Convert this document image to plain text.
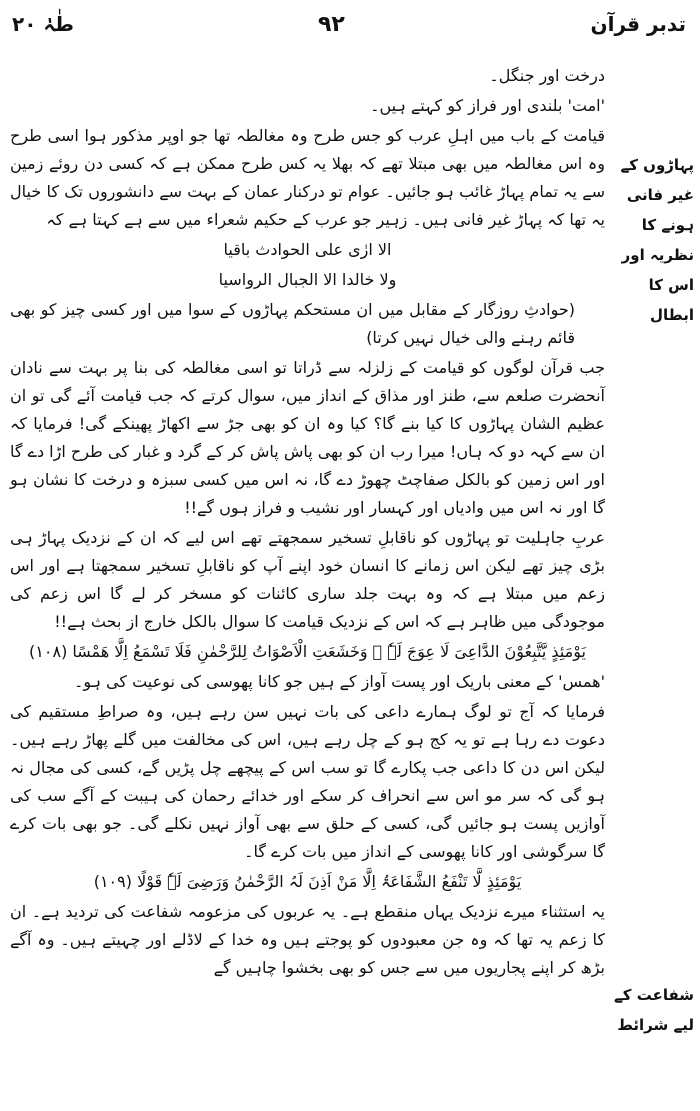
تدبر قرآن
۹۲
طٰہٰ ۲۰
پہاڑوں کے غیر فانی ہونے کا نظریہ اور اس کا ابطال
شفاعت کے لیے شرائط

درخت اور جنگل۔

'امت' بلندی اور فراز کو کہتے ہیں۔

قیامت کے باب میں اہلِ عرب کو جس طرح وہ مغالطہ تھا جو اوپر مذکور ہوا اسی طرح وہ اس مغالطہ میں بھی مبتلا تھے کہ بھلا یہ کس طرح ممکن ہے کہ کسی دن روئے زمین سے یہ تمام پہاڑ غائب ہو جائیں۔ عوام تو درکنار عمان کے بہت سے دانشوروں تک کا خیال یہ تھا کہ پہاڑ غیر فانی ہیں۔ زہیر جو عرب کے حکیم شعراء میں سے ہے کہتا ہے کہ

الا ارٰی علی الحوادث باقیا

ولا خالدا الا الجبال الرواسیا

(حوادثِ روزگار کے مقابل میں ان مستحکم پہاڑوں کے سوا میں اور کسی چیز کو بھی قائم رہنے والی خیال نہیں کرتا)

جب قرآن لوگوں کو قیامت کے زلزلہ سے ڈراتا تو اسی مغالطہ کی بنا پر بہت سے نادان آنحضرت صلعم سے، طنز اور مذاق کے انداز میں، سوال کرتے کہ جب قیامت آئے گی تو ان عظیم الشان پہاڑوں کا کیا بنے گا؟ کیا وہ ان کو بھی جڑ سے اکھاڑ پھینکے گی! فرمایا کہ ان سے کہہ دو کہ ہاں! میرا رب ان کو بھی پاش پاش کر کے گرد و غبار کی طرح اڑا دے گا اور اس زمین کو بالکل صفاچٹ چھوڑ دے گا، نہ اس میں کسی سبزہ و درخت کا نشان ہو گا اور نہ اس میں وادیاں اور کہسار اور نشیب و فراز ہوں گے!!

عربِ جاہلیت تو پہاڑوں کو ناقابلِ تسخیر سمجھتے تھے اس لیے کہ ان کے نزدیک پہاڑ ہی بڑی چیز تھے لیکن اس زمانے کا انسان خود اپنے آپ کو ناقابلِ تسخیر سمجھتا ہے اور اس زعم میں مبتلا ہے کہ وہ بہت جلد ساری کائنات کو مسخر کر لے گا اس زعم کی موجودگی میں ظاہر ہے کہ اس کے نزدیک قیامت کا سوال بالکل خارج از بحث ہے!!

یَوْمَئِذٍ یَّتَّبِعُوْنَ الدَّاعِیَ لَا عِوَجَ لَہٗ ۚ وَخَشَعَتِ الْاَصْوَاتُ لِلرَّحْمٰنِ فَلَا تَسْمَعُ اِلَّا ھَمْسًا (۱۰۸)

'ھمس' کے معنی باریک اور پست آواز کے ہیں جو کانا پھوسی کی نوعیت کی ہو۔

فرمایا کہ آج تو لوگ ہمارے داعی کی بات نہیں سن رہے ہیں، وہ صراطِ مستقیم کی دعوت دے رہا ہے تو یہ کج ہو کے چل رہے ہیں، اس کی مخالفت میں گلے پھاڑ رہے ہیں۔ لیکن اس دن کا داعی جب پکارے گا تو سب اس کے پیچھے چل پڑیں گے، کسی کی مجال نہ ہو گی کہ سر مو اس سے انحراف کر سکے اور خدائے رحمان کی ہیبت کے آگے سب کی آوازیں پست ہو جائیں گی، کسی کے حلق سے بھی آواز نہیں نکلے گی۔ جو بھی بات کرے گا سرگوشی اور کانا پھوسی کے انداز میں بات کرے گا۔

یَوْمَئِذٍ لَّا تَنْفَعُ الشَّفَاعَۃُ اِلَّا مَنْ اَذِنَ لَہُ الرَّحْمٰنُ وَرَضِیَ لَہٗ قَوْلًا (۱۰۹)

یہ استثناء میرے نزدیک یہاں منقطع ہے۔ یہ عربوں کی مزعومہ شفاعت کی تردید ہے۔ ان کا زعم یہ تھا کہ وہ جن معبودوں کو پوجتے ہیں وہ خدا کے لاڈلے اور چہیتے ہیں۔ وہ آگے بڑھ کر اپنے پجاریوں میں سے جس کو بھی بخشوا چاہیں گے
